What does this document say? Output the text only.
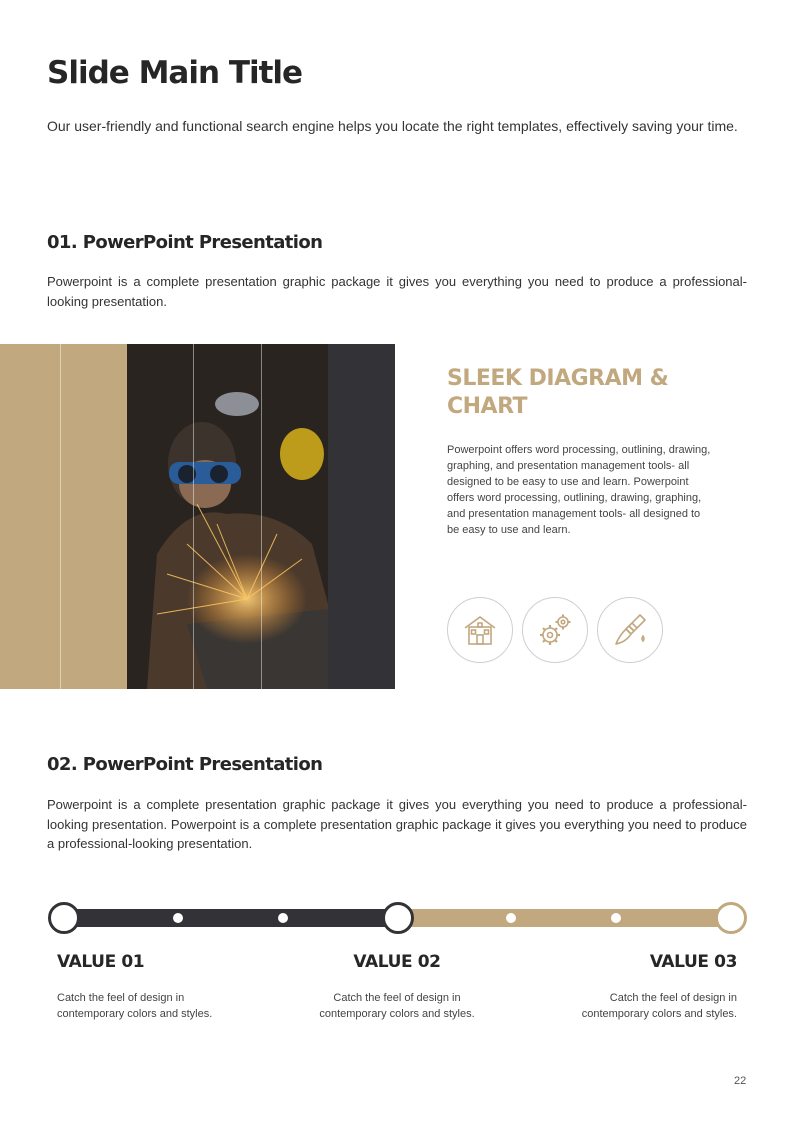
Slide Main Title
Our user-friendly and functional search engine helps you locate the right templates, effectively saving your time.
01. PowerPoint Presentation

Powerpoint is a complete presentation graphic package it gives you everything you need to produce a professional-looking presentation.

SLEEK DIAGRAM & CHART

Powerpoint offers word processing, outlining, drawing, graphing, and presentation management tools- all designed to be easy to use and learn. Powerpoint offers word processing, outlining, drawing, graphing, and presentation management tools- all designed to be easy to use and learn.

02. PowerPoint Presentation

Powerpoint is a complete presentation graphic package it gives you everything you need to produce a professional-looking presentation. Powerpoint is a complete presentation graphic package it gives you everything you need to produce a professional-looking presentation.

VALUE 01

Catch the feel of design in contemporary colors and styles.

VALUE 02

Catch the feel of design in contemporary colors and styles.

VALUE 03

Catch the feel of design in contemporary colors and styles.

22
